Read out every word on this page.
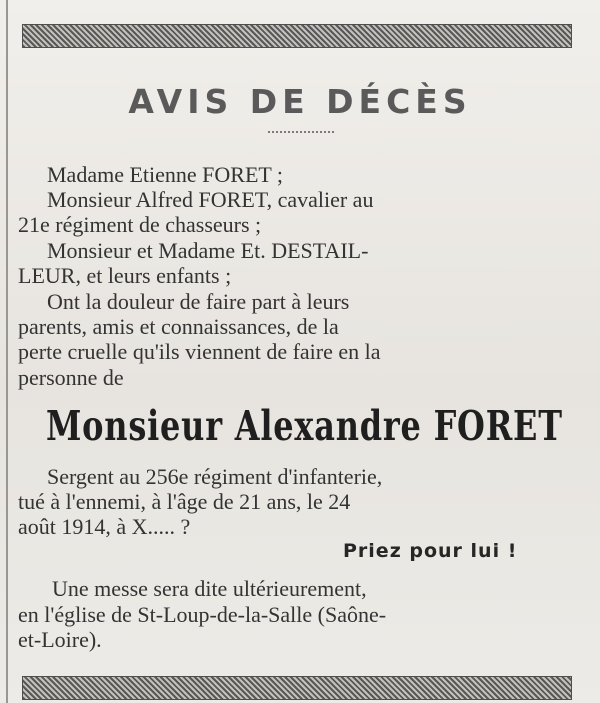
AVIS DE DÉCÈS
Madame Etienne FORET ;
Monsieur Alfred FORET, cavalier au
21e régiment de chasseurs ;
Monsieur et Madame Et. DESTAIL-
LEUR, et leurs enfants ;
Ont la douleur de faire part à leurs
parents, amis et connaissances, de la
perte cruelle qu'ils viennent de faire en la
personne de
Monsieur Alexandre FORET
Sergent au 256e régiment d'infanterie,
tué à l'ennemi, à l'âge de 21 ans, le 24
août 1914, à X..... ?
Priez pour lui !
Une messe sera dite ultérieurement,
en l'église de St-Loup-de-la-Salle (Saône-
et-Loire).
